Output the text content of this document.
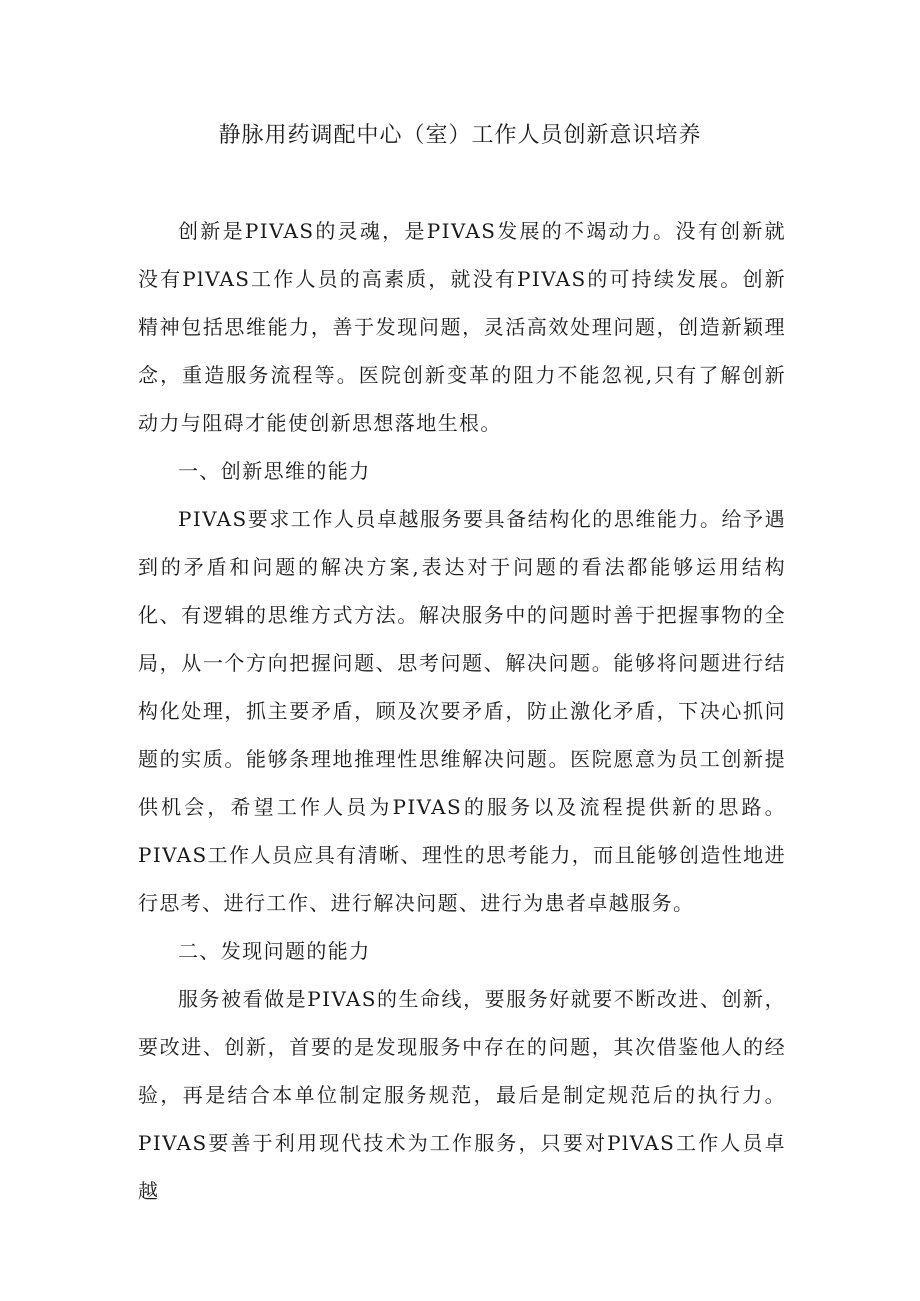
静脉用药调配中心（室）工作人员创新意识培养

创新是PIVAS的灵魂，是PIVAS发展的不竭动力。没有创新就没有PlVAS工作人员的高素质，就没有PIVAS的可持续发展。创新精神包括思维能力，善于发现问题，灵活高效处理问题，创造新颖理念，重造服务流程等。医院创新变革的阻力不能忽视,只有了解创新动力与阻碍才能使创新思想落地生根。

一、创新思维的能力

PIVAS要求工作人员卓越服务要具备结构化的思维能力。给予遇到的矛盾和问题的解决方案,表达对于问题的看法都能够运用结构化、有逻辑的思维方式方法。解决服务中的问题时善于把握事物的全局，从一个方向把握问题、思考问题、解决问题。能够将问题进行结构化处理，抓主要矛盾，顾及次要矛盾，防止激化矛盾，下决心抓问题的实质。能够条理地推理性思维解决问题。医院愿意为员工创新提供机会，希望工作人员为PIVAS的服务以及流程提供新的思路。PIVAS工作人员应具有清晰、理性的思考能力，而且能够创造性地进行思考、进行工作、进行解决问题、进行为患者卓越服务。

二、发现问题的能力

服务被看做是PIVAS的生命线，要服务好就要不断改进、创新，要改进、创新，首要的是发现服务中存在的问题，其次借鉴他人的经验，再是结合本单位制定服务规范，最后是制定规范后的执行力。PIVAS要善于利用现代技术为工作服务，只要对PlVAS工作人员卓越
